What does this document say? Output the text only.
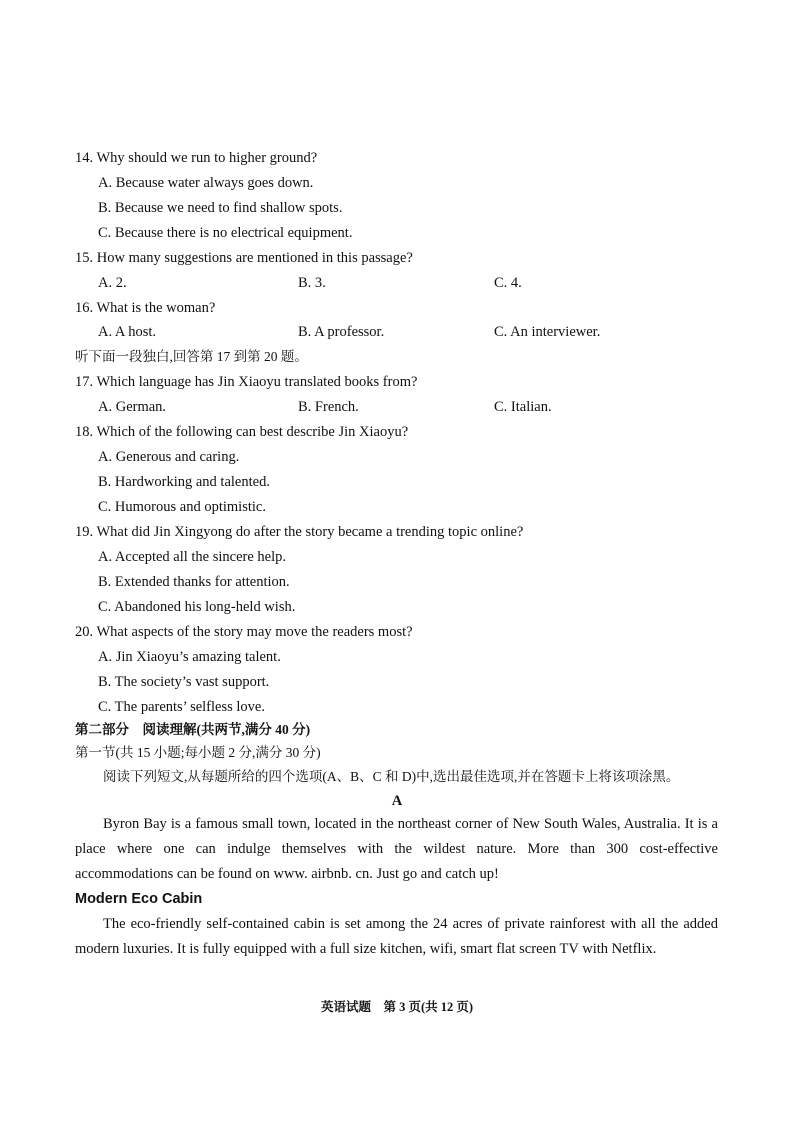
14. Why should we run to higher ground?
A. Because water always goes down.
B. Because we need to find shallow spots.
C. Because there is no electrical equipment.
15. How many suggestions are mentioned in this passage?
A. 2.	B. 3.	C. 4.
16. What is the woman?
A. A host.	B. A professor.	C. An interviewer.
听下面一段独白,回答第 17 到第 20 题。
17. Which language has Jin Xiaoyu translated books from?
A. German.	B. French.	C. Italian.
18. Which of the following can best describe Jin Xiaoyu?
A. Generous and caring.
B. Hardworking and talented.
C. Humorous and optimistic.
19. What did Jin Xingyong do after the story became a trending topic online?
A. Accepted all the sincere help.
B. Extended thanks for attention.
C. Abandoned his long-held wish.
20. What aspects of the story may move the readers most?
A. Jin Xiaoyu’s amazing talent.
B. The society’s vast support.
C. The parents’ selfless love.
第二部分　阅读理解(共两节,满分 40 分)
第一节(共 15 小题;每小题 2 分,满分 30 分)
阅读下列短文,从每题所给的四个选项(A、B、C 和 D)中,选出最佳选项,并在答题卡上将该项涂黑。
A
Byron Bay is a famous small town, located in the northeast corner of New South Wales, Australia. It is a place where one can indulge themselves with the wildest nature. More than 300 cost-effective accommodations can be found on www. airbnb. cn. Just go and catch up!
Modern Eco Cabin
The eco-friendly self-contained cabin is set among the 24 acres of private rainforest with all the added modern luxuries. It is fully equipped with a full size kitchen, wifi, smart flat screen TV with Netflix.
英语试题　第 3 页(共 12 页)
